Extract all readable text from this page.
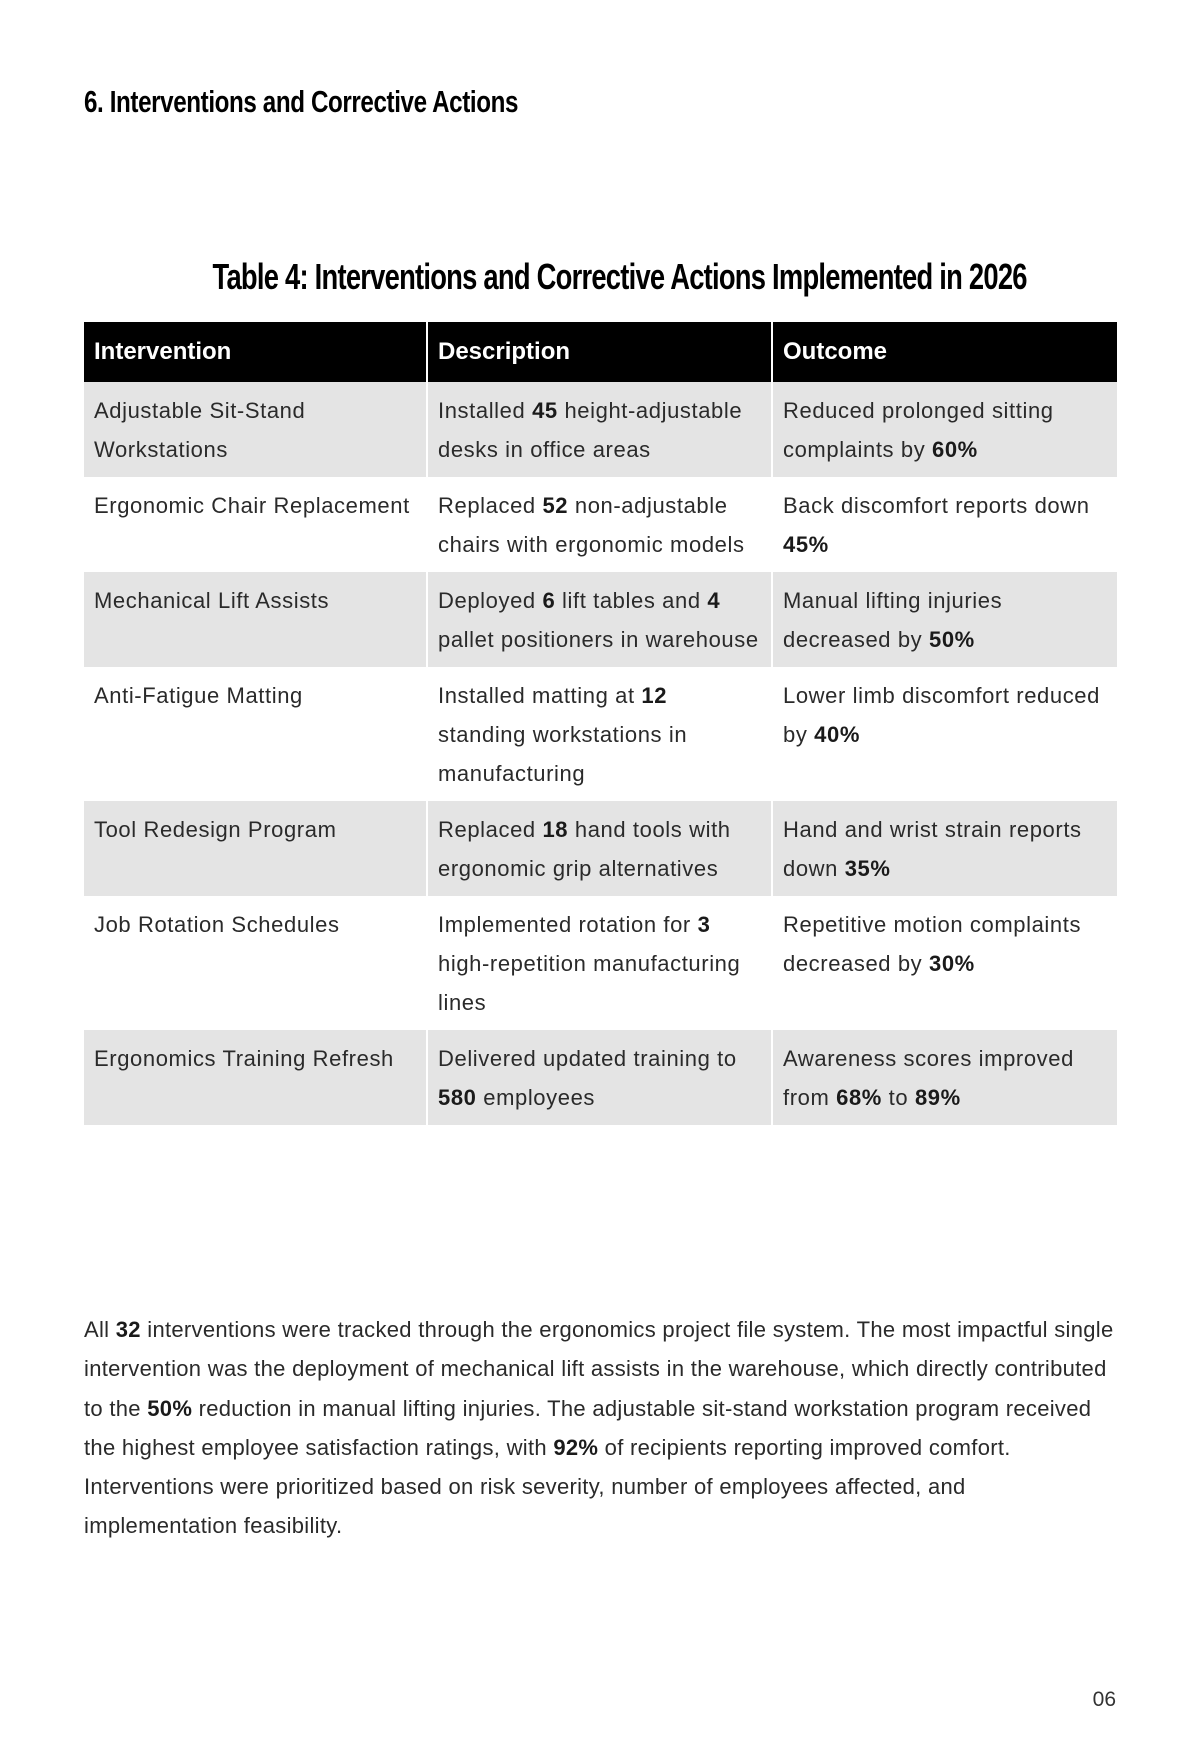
6. Interventions and Corrective Actions
Table 4: Interventions and Corrective Actions Implemented in 2026
Intervention	Description	Outcome
Adjustable Sit-Stand Workstations	Installed 45 height-adjustable desks in office areas	Reduced prolonged sitting complaints by 60%
Ergonomic Chair Replacement	Replaced 52 non-adjustable chairs with ergonomic models	Back discomfort reports down 45%
Mechanical Lift Assists	Deployed 6 lift tables and 4 pallet positioners in warehouse	Manual lifting injuries decreased by 50%
Anti-Fatigue Matting	Installed matting at 12 standing workstations in manufacturing	Lower limb discomfort reduced by 40%
Tool Redesign Program	Replaced 18 hand tools with ergonomic grip alternatives	Hand and wrist strain reports down 35%
Job Rotation Schedules	Implemented rotation for 3 high-repetition manufacturing lines	Repetitive motion complaints decreased by 30%
Ergonomics Training Refresh	Delivered updated training to 580 employees	Awareness scores improved from 68% to 89%

All 32 interventions were tracked through the ergonomics project file system. The most impactful single intervention was the deployment of mechanical lift assists in the warehouse, which directly contributed to the 50% reduction in manual lifting injuries. The adjustable sit-stand workstation program received the highest employee satisfaction ratings, with 92% of recipients reporting improved comfort. Interventions were prioritized based on risk severity, number of employees affected, and implementation feasibility.

06
